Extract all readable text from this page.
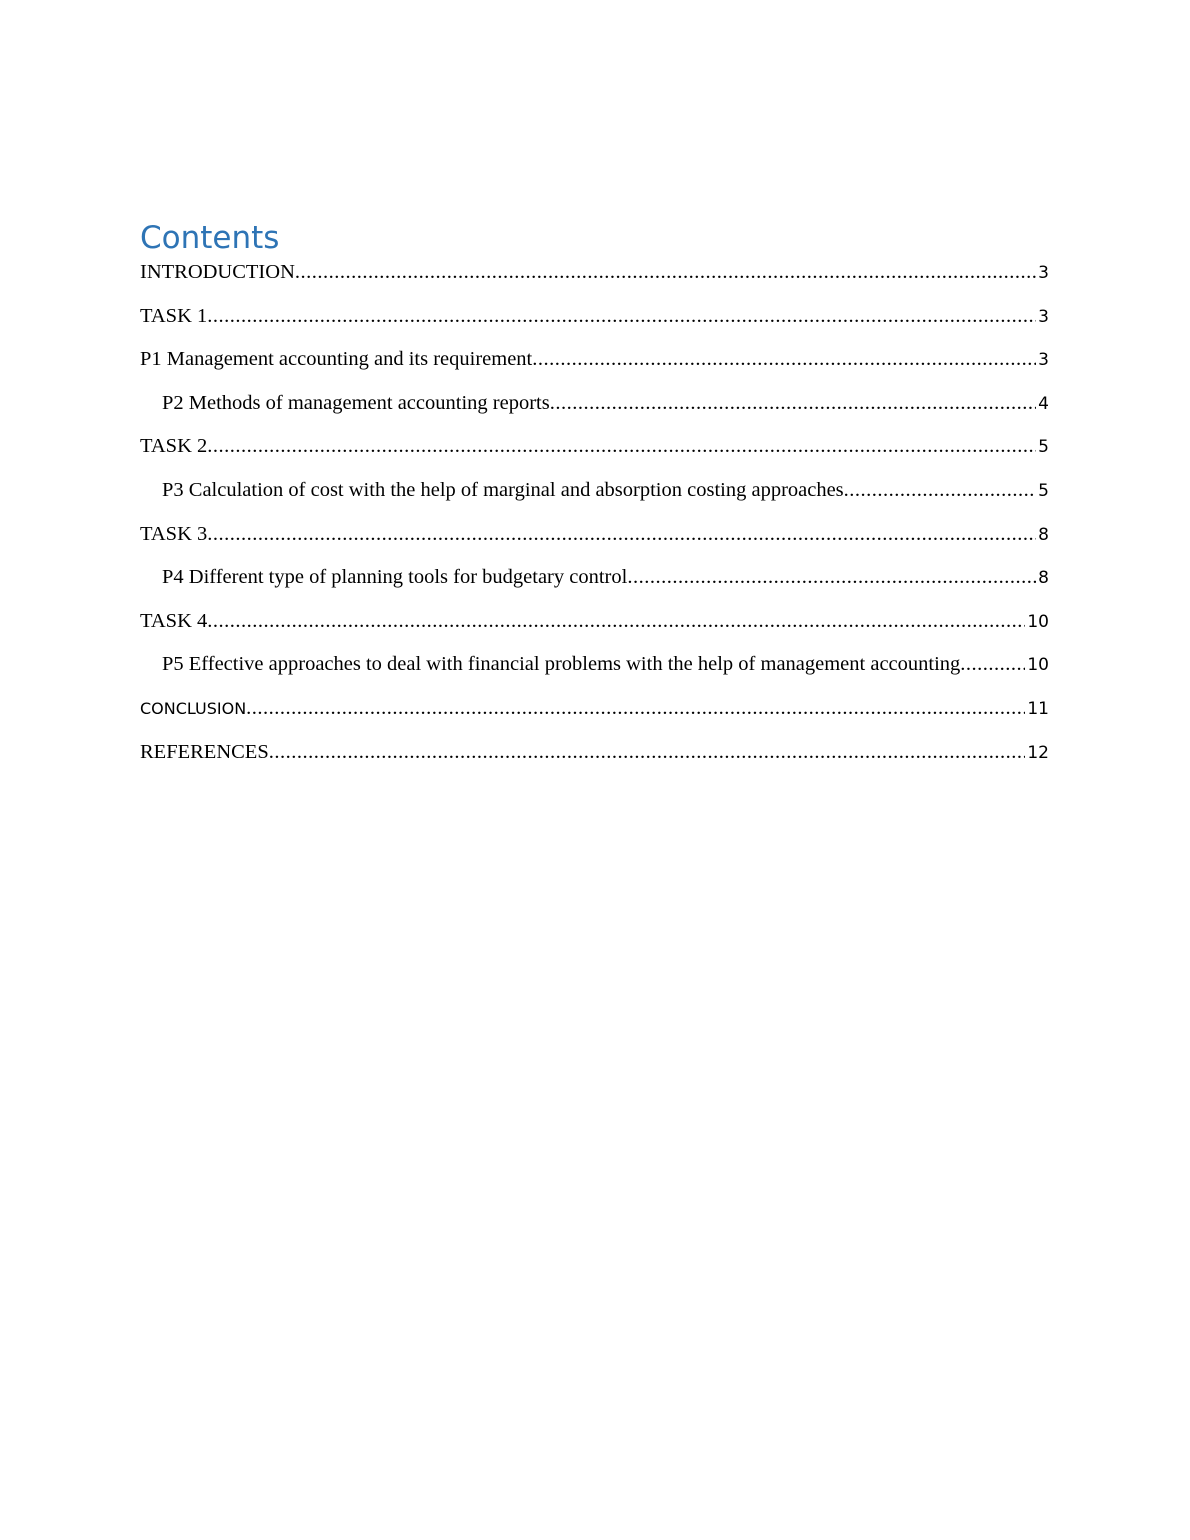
Contents
INTRODUCTION .....	3
TASK 1 .....	3
P1 Management accounting and its requirement .....	3
P2 Methods of management accounting reports .....	4
TASK 2 .....	5
P3 Calculation of cost with the help of marginal and absorption costing approaches .....	5
TASK 3 .....	8
P4 Different type of planning tools for budgetary control .....	8
TASK 4 .....	10
P5 Effective approaches to deal with financial problems with the help of management accounting .....	10
CONCLUSION .....	11
REFERENCES .....	12
